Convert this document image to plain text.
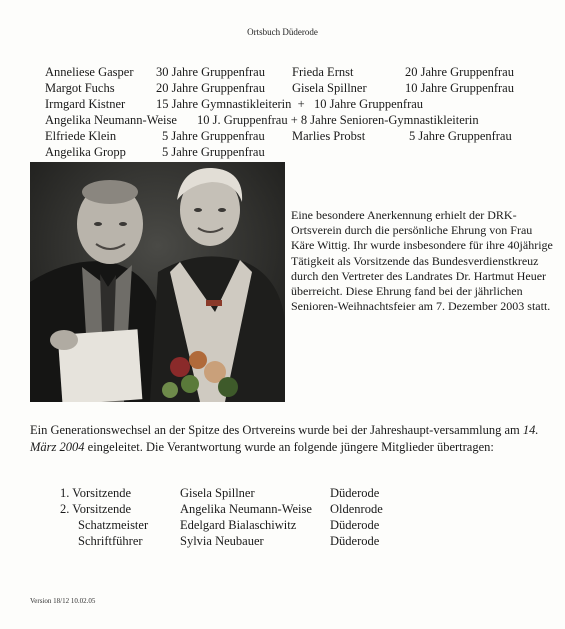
Ortsbuch Düderode
Anneliese Gasper 30 Jahre Gruppenfrau Frieda Ernst	20 Jahre Gruppenfrau
Margot Fuchs	20 Jahre Gruppenfrau Gisela Spillner	10 Jahre Gruppenfrau
Irmgard Kistner 15 Jahre Gymnastikleiterin  +   10 Jahre Gruppenfrau
Angelika Neumann-Weise 10 J. Gruppenfrau + 8 Jahre Senioren-Gymnastikleiterin
Elfriede Klein	5 Jahre Gruppenfrau Marlies Probst	5 Jahre Gruppenfrau
Angelika Gropp	5 Jahre Gruppenfrau
Eine besondere Anerkennung erhielt der DRK-Ortsverein durch die persönliche Ehrung von Frau Käre Wittig. Ihr wurde insbesondere für ihre 40jährige Tätigkeit als Vorsitzende das Bundesverdienstkreuz durch den Vertreter des Landrates Dr. Hartmut Heuer überreicht. Diese Ehrung fand bei der jährlichen Senioren-Weihnachtsfeier am 7. Dezember 2003 statt.
Ein Generationswechsel an der Spitze des Ortvereins wurde bei der Jahreshaupt-versammlung am 14. März 2004 eingeleitet. Die Verantwortung wurde an folgende jüngere Mitglieder übertragen:
1. Vorsitzende	Gisela Spillner	Düderode
2. Vorsitzende	Angelika Neumann-Weise Oldenrode
Schatzmeister	Edelgard Bialaschiwitz	Düderode
Schriftführer	Sylvia Neubauer	Düderode
Version 18/12 10.02.05
